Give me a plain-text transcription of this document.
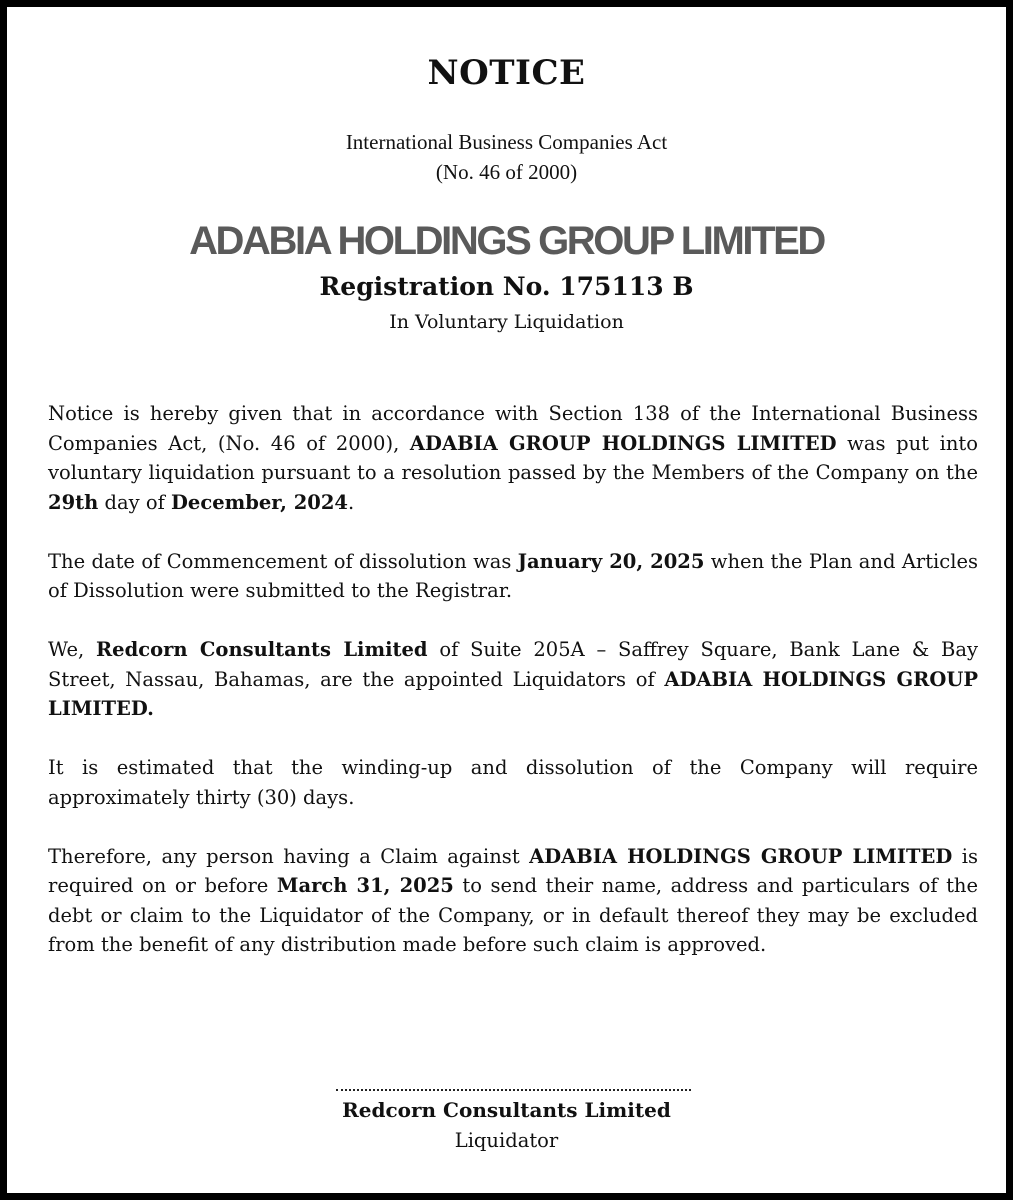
NOTICE
International Business Companies Act
(No. 46 of 2000)
ADABIA HOLDINGS GROUP LIMITED
Registration No. 175113 B
In Voluntary Liquidation

Notice is hereby given that in accordance with Section 138 of the International Business Companies Act, (No. 46 of 2000), ADABIA GROUP HOLDINGS LIMITED was put into voluntary liquidation pursuant to a resolution passed by the Members of the Company on the 29th day of December, 2024.

The date of Commencement of dissolution was January 20, 2025 when the Plan and Articles of Dissolution were submitted to the Registrar.

We, Redcorn Consultants Limited of Suite 205A – Saffrey Square, Bank Lane & Bay Street, Nassau, Bahamas, are the appointed Liquidators of ADABIA HOLDINGS GROUP LIMITED.

It is estimated that the winding-up and dissolution of the Company will require approximately thirty (30) days.

Therefore, any person having a Claim against ADABIA HOLDINGS GROUP LIMITED is required on or before March 31, 2025 to send their name, address and particulars of the debt or claim to the Liquidator of the Company, or in default thereof they may be excluded from the benefit of any distribution made before such claim is approved.

Redcorn Consultants Limited
Liquidator
